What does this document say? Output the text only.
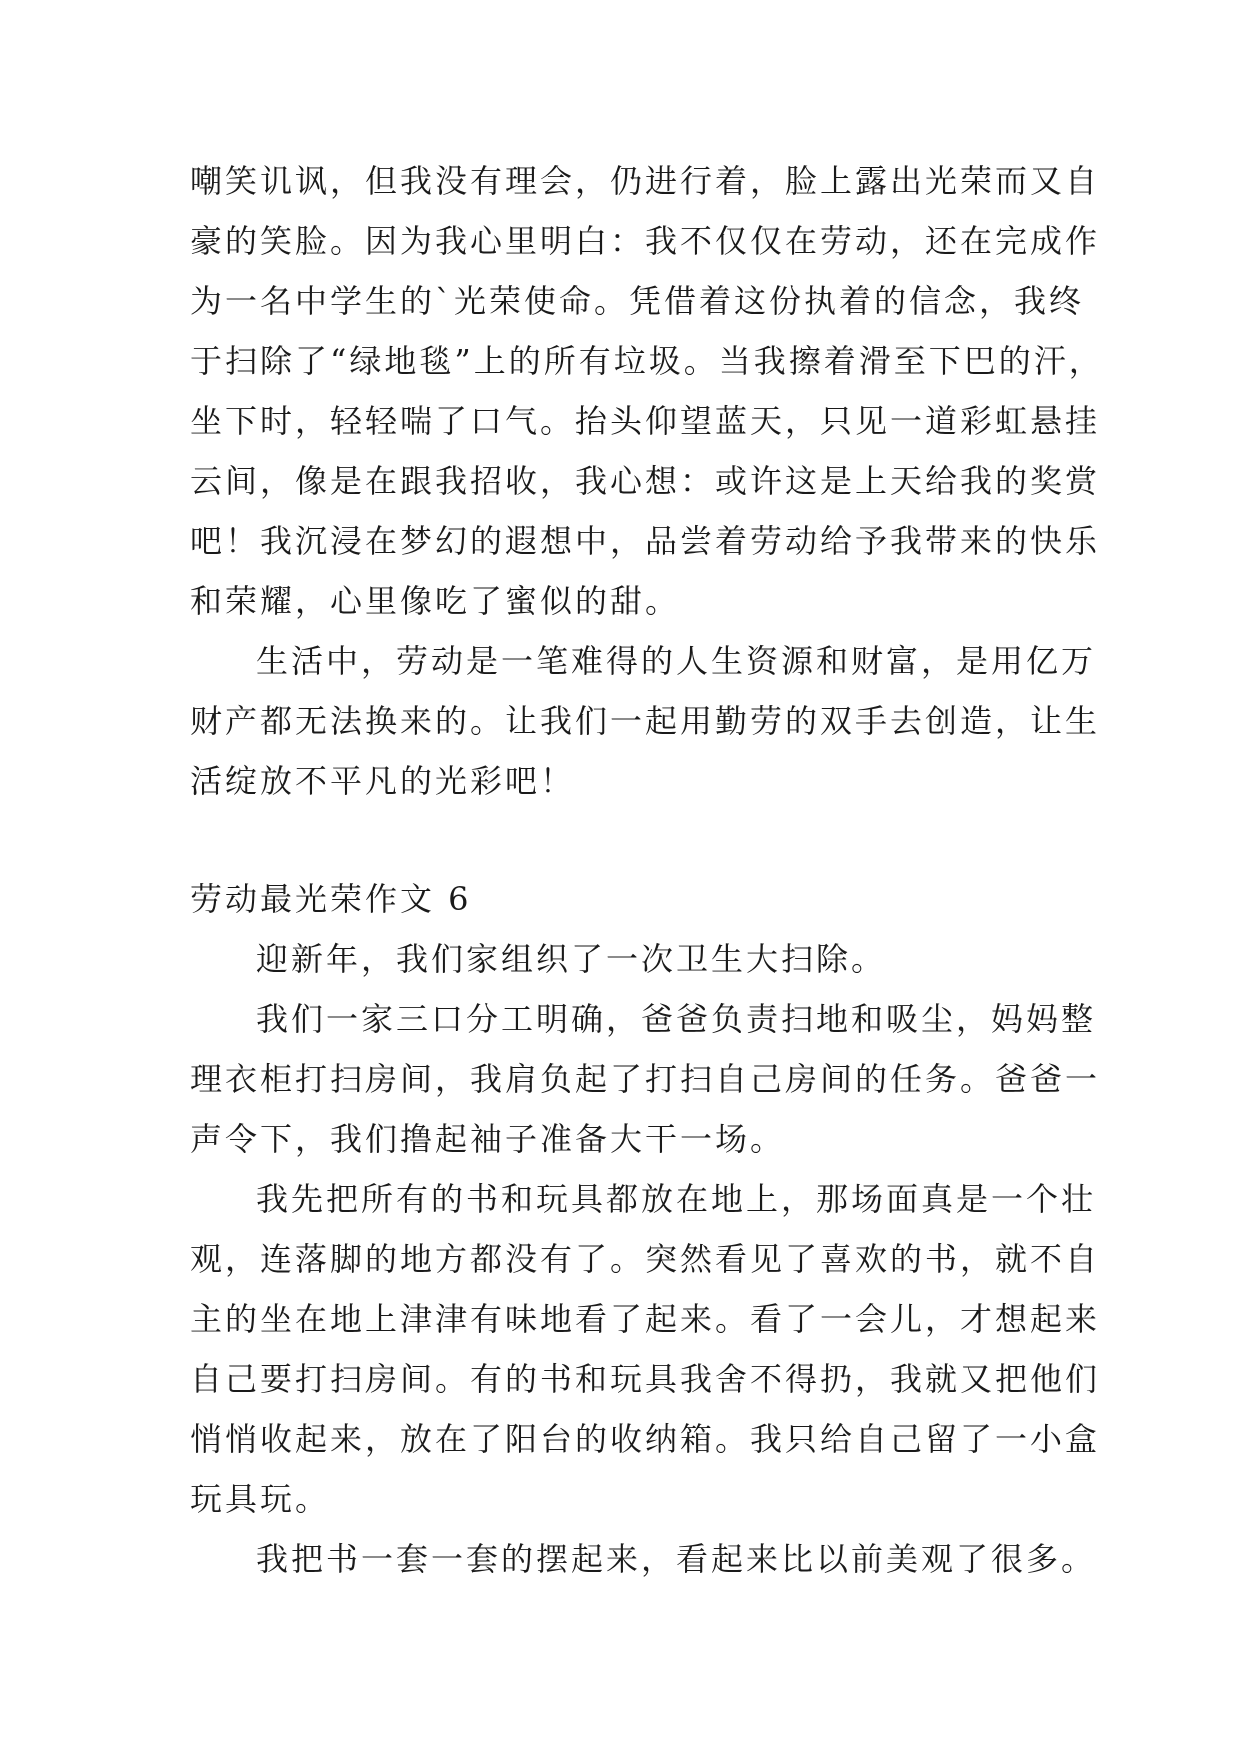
嘲笑讥讽，但我没有理会，仍进行着，脸上露出光荣而又自
豪的笑脸。因为我心里明白：我不仅仅在劳动，还在完成作
为一名中学生的`光荣使命。凭借着这份执着的信念，我终
于扫除了“绿地毯”上的所有垃圾。当我擦着滑至下巴的汗，
坐下时，轻轻喘了口气。抬头仰望蓝天，只见一道彩虹悬挂
云间，像是在跟我招收，我心想：或许这是上天给我的奖赏
吧！我沉浸在梦幻的遐想中，品尝着劳动给予我带来的快乐
和荣耀，心里像吃了蜜似的甜。
生活中，劳动是一笔难得的人生资源和财富，是用亿万
财产都无法换来的。让我们一起用勤劳的双手去创造，让生
活绽放不平凡的光彩吧！
劳动最光荣作文 6
迎新年，我们家组织了一次卫生大扫除。
我们一家三口分工明确，爸爸负责扫地和吸尘，妈妈整
理衣柜打扫房间，我肩负起了打扫自己房间的任务。爸爸一
声令下，我们撸起袖子准备大干一场。
我先把所有的书和玩具都放在地上，那场面真是一个壮
观，连落脚的地方都没有了。突然看见了喜欢的书，就不自
主的坐在地上津津有味地看了起来。看了一会儿，才想起来
自己要打扫房间。有的书和玩具我舍不得扔，我就又把他们
悄悄收起来，放在了阳台的收纳箱。我只给自己留了一小盒
玩具玩。
我把书一套一套的摆起来，看起来比以前美观了很多。
